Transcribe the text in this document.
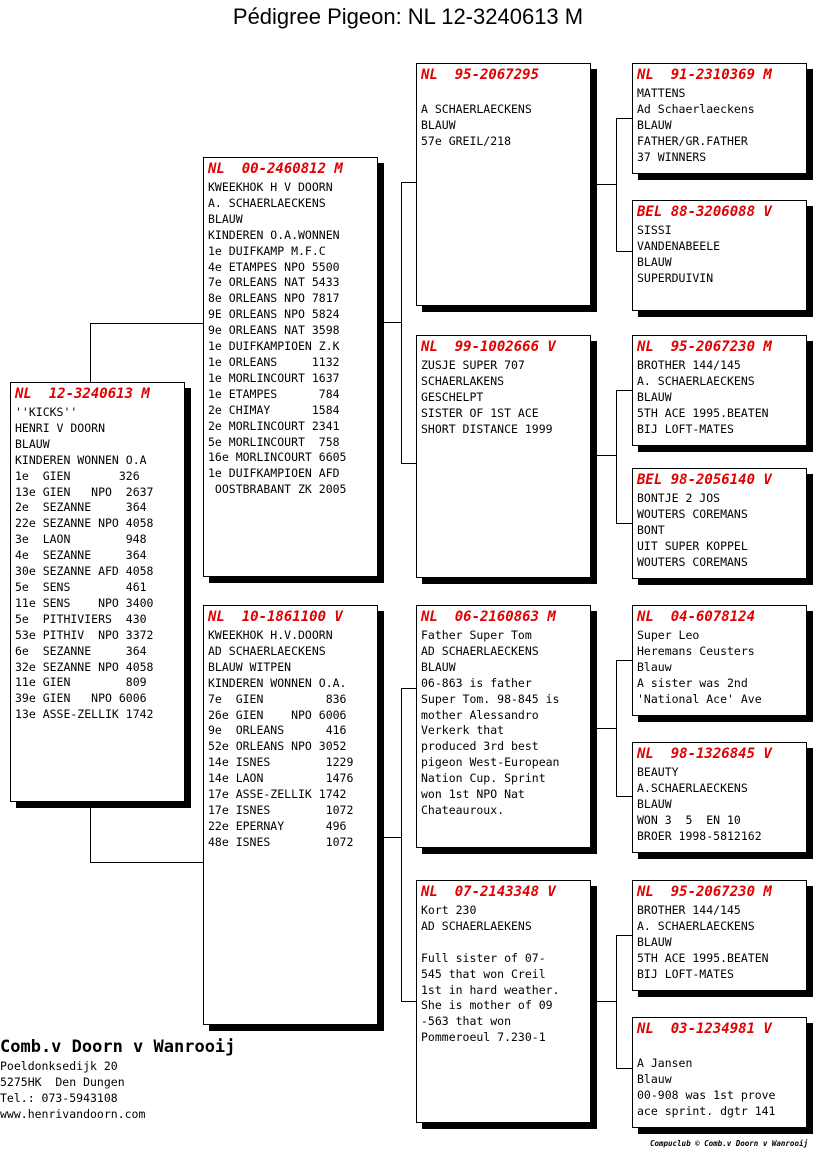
Pédigree Pigeon: NL 12-3240613 M
NL  12-3240613 M
''KICKS''
HENRI V DOORN
BLAUW
KINDEREN WONNEN O.A
1e  GIEN       326
13e GIEN   NPO  2637
2e  SEZANNE     364
22e SEZANNE NPO 4058
3e  LAON        948
4e  SEZANNE     364
30e SEZANNE AFD 4058
5e  SENS        461
11e SENS    NPO 3400
5e  PITHIVIERS  430
53e PITHIV  NPO 3372
6e  SEZANNE     364
32e SEZANNE NPO 4058
11e GIEN        809
39e GIEN   NPO 6006
13e ASSE-ZELLIK 1742
NL  00-2460812 M
KWEEKHOK H V DOORN
A. SCHAERLAECKENS
BLAUW
KINDEREN O.A.WONNEN
1e DUIFKAMP M.F.C
4e ETAMPES NPO 5500
7e ORLEANS NAT 5433
8e ORLEANS NPO 7817
9E ORLEANS NPO 5824
9e ORLEANS NAT 3598
1e DUIFKAMPIOEN Z.K
1e ORLEANS     1132
1e MORLINCOURT 1637
1e ETAMPES      784
2e CHIMAY      1584
2e MORLINCOURT 2341
5e MORLINCOURT  758
16e MORLINCOURT 6605
1e DUIFKAMPIOEN AFD
OOSTBRABANT ZK 2005
NL  10-1861100 V
KWEEKHOK H.V.DOORN
AD SCHAERLAECKENS
BLAUW WITPEN
KINDEREN WONNEN O.A.
7e  GIEN         836
26e GIEN    NPO 6006
9e  ORLEANS      416
52e ORLEANS NPO 3052
14e ISNES        1229
14e LAON         1476
17e ASSE-ZELLIK 1742
17e ISNES        1072
22e EPERNAY      496
48e ISNES        1072
NL  95-2067295
A SCHAERLAECKENS
BLAUW
57e GREIL/218
NL  99-1002666 V
ZUSJE SUPER 707
SCHAERLAKENS
GESCHELPT
SISTER OF 1ST ACE
SHORT DISTANCE 1999
NL  06-2160863 M
Father Super Tom
AD SCHAERLAECKENS
BLAUW
06-863 is father
Super Tom. 98-845 is
mother Alessandro
Verkerk that
produced 3rd best
pigeon West-European
Nation Cup. Sprint
won 1st NPO Nat
Chateauroux.
NL  07-2143348 V
Kort 230
AD SCHAERLAEKENS
Full sister of 07-
545 that won Creil
1st in hard weather.
She is mother of 09
-563 that won
Pommeroeul 7.230-1
NL  91-2310369 M
MATTENS
Ad Schaerlaeckens
BLAUW
FATHER/GR.FATHER
37 WINNERS
BEL 88-3206088 V
SISSI
VANDENABEELE
BLAUW
SUPERDUIVIN
NL  95-2067230 M
BROTHER 144/145
A. SCHAERLAECKENS
BLAUW
5TH ACE 1995.BEATEN
BIJ LOFT-MATES
BEL 98-2056140 V
BONTJE 2 JOS
WOUTERS COREMANS
BONT
UIT SUPER KOPPEL
WOUTERS COREMANS
NL  04-6078124
Super Leo
Heremans Ceusters
Blauw
A sister was 2nd
'National Ace' Ave
NL  98-1326845 V
BEAUTY
A.SCHAERLAECKENS
BLAUW
WON 3  5  EN 10
BROER 1998-5812162
NL  95-2067230 M
BROTHER 144/145
A. SCHAERLAECKENS
BLAUW
5TH ACE 1995.BEATEN
BIJ LOFT-MATES
NL  03-1234981 V
A Jansen
Blauw
00-908 was 1st prove
ace sprint. dgtr 141
Comb.v Doorn v Wanrooij
Poeldonksedijk 20
5275HK  Den Dungen
Tel.: 073-5943108
www.henrivandoorn.com
Compuclub © Comb.v Doorn v Wanrooij
